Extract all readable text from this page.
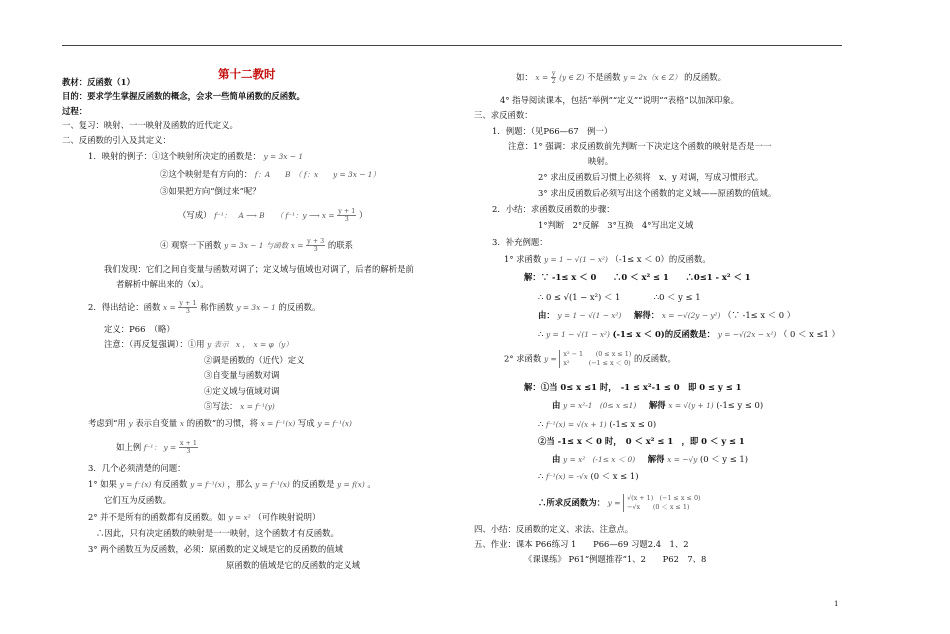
第十二教时
教材：反函数（1）
目的：要求学生掌握反函数的概念，会求一些简单函数的反函数。
过程：
一、复习：映射、一一映射及函数的近代定义。
二、反函数的引入及其定义：
1．映射的例子：①这个映射所决定的函数是： y = 3x − 1
②这个映射是有方向的： f：A　　B　（ f：x　　y = 3x − 1）
③如果把方向“倒过来”呢？
（写成） f⁻¹：　A ⟶ B　　（ f⁻¹：y ⟶ $x = \frac{y + 1}{3}$ ）
④ 观察一下函数 y = 3x − 1 与函数 $x = \frac{y + 3}{3}$ 的联系
我们发现：它们之间自变量与函数对调了；定义域与值域也对调了，后者的解析是前
者解析中解出来的（x）。
2．得出结论：函数 $x = \frac{y + 1}{3}$ 称作函数 y = 3x − 1 的反函数。
定义：P66　（略）
注意：（再反复强调）：①用 y 表示　x ，　x = φ（y）
②调是函数的（近代）定义
③自变量与函数对调
④定义域与值域对调
⑤写法： x = f⁻¹(y)
考虑到“用 y 表示自变量 x 的函数”的习惯，将 x = f⁻¹(x) 写成 y = f⁻¹(x)
如上例 f⁻¹： $y = \frac{x + 1}{3}$
3．几个必须清楚的问题：
1° 如果 y = f⁻(x) 有反函数 y = f⁻¹(x) ，那么 y = f⁻¹(x) 的反函数是 y = f(x) 。
它们互为反函数。
2° 并不是所有的函数都有反函数。如 y = x² （可作映射说明）
∴因此，只有决定函数的映射是一一映射，这个函数才有反函数。
3° 两个函数互为反函数，必须：原函数的定义域是它的反函数的值域
原函数的值域是它的反函数的定义域
如： $x = \frac{y}{2} (y$ ∈ Z) 不是函数 y = 2x（x ∈ Z） 的反函数。
4° 指导阅读课本，包括“举例”“定义”“说明”“表格”以加深印象。
三、求反函数：
1．例题：（见P66—67　例一）
注意：1° 强调：求反函数前先判断一下决定这个函数的映射是否是一一
映射。
2° 求出反函数后习惯上必须将　x、y 对调，写成习惯形式。
3° 求出反函数后必须写出这个函数的定义域——原函数的值域。
2．小结：求函数反函数的步骤：
1°判断　2°反解　3°互换　4°写出定义域
3．补充例题：
1° 求函数 y = 1 − √(1 − x²) （-1≤ x ＜ 0）的反函数。
解：∵ -1≤ x ＜ 0　　∴0 ＜ x² ≤ 1　　∴0≤1 - x² ＜ 1
∴ 0 ≤ √(1 − x²) ＜ 1　　　　∴0 ＜ y ≤ 1
由： y = 1 − √(1 − x²) 解得： x = −√(2y − y²) （∵ -1≤ x ＜ 0 ）
∴ y = 1 − √(1 − x²) (-1≤ x ＜ 0)的反函数是： y = −√(2x − x²) （ 0 ＜ x ≤1 ）
2° 求函数 y =
x² − 1　　(0 ≤ x ≤ 1)
x²　　　(−1 ≤ x ＜ 0) 的反函数。
解：①当 0≤ x ≤1 时，　-1 ≤ x²-1 ≤ 0　即 0 ≤ y ≤ 1
由 y = x²-1　(0≤ x ≤1) 解得 x = √(y + 1) (-1≤ y ≤ 0)
∴ f⁻¹(x) = √(x + 1) (-1≤ x ≤ 0)
②当 -1≤ x ＜ 0 时，　0 ＜ x² ≤ 1　，即 0 ＜ y ≤ 1
由 y = x²　(-1≤ x ＜ 0) 解得 x = −√y (0 ＜ y ≤ 1)
∴ f⁻¹(x) = -√x (0 ＜ x ≤ 1)
∴所求反函数为： y =
√(x + 1)　(−1 ≤ x ≤ 0)
−√x　　(0 ＜ x ≤ 1)
四、小结：反函数的定义、求法、注意点。
五、作业：课本 P66练习 1　　P66—69 习题2.4　1、2
《课课练》 P61“例题推荐”1、2　　P62　7、8
1
